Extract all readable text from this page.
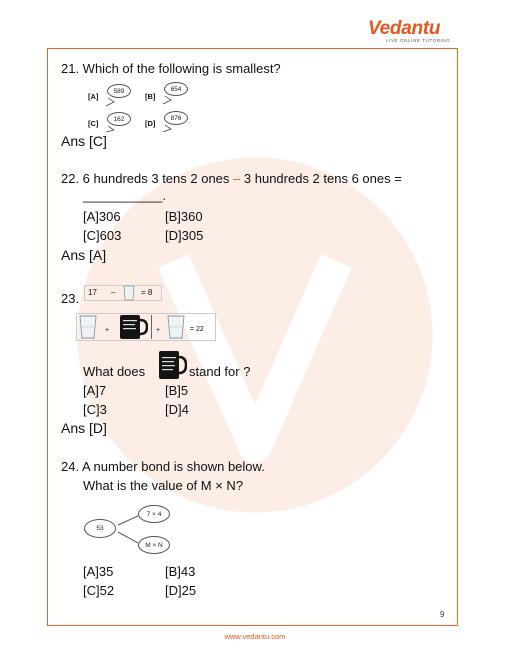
Vedantu
LIVE ONLINE TUTORING
21. Which of the following is smallest?
[A]
589
[B]
654
[C]	162	[D]
876
Ans [C]
22. 6 hundreds 3 tens 2 ones – 3 hundreds 2 tens 6 ones =
___________.
[A]306	[B]360
[C]603	[D]305
Ans [A]
23. 17 –	= 8
+	+	= 22
What does	stand for ?
[A]7	[B]5
[C]3	[D]4
Ans [D]
24. A number bond is shown below.
What is the value of M × N?
53
7 × 4
M × N
[A]35	[B]43
[C]52	[D]25
9
www.vedantu.com
